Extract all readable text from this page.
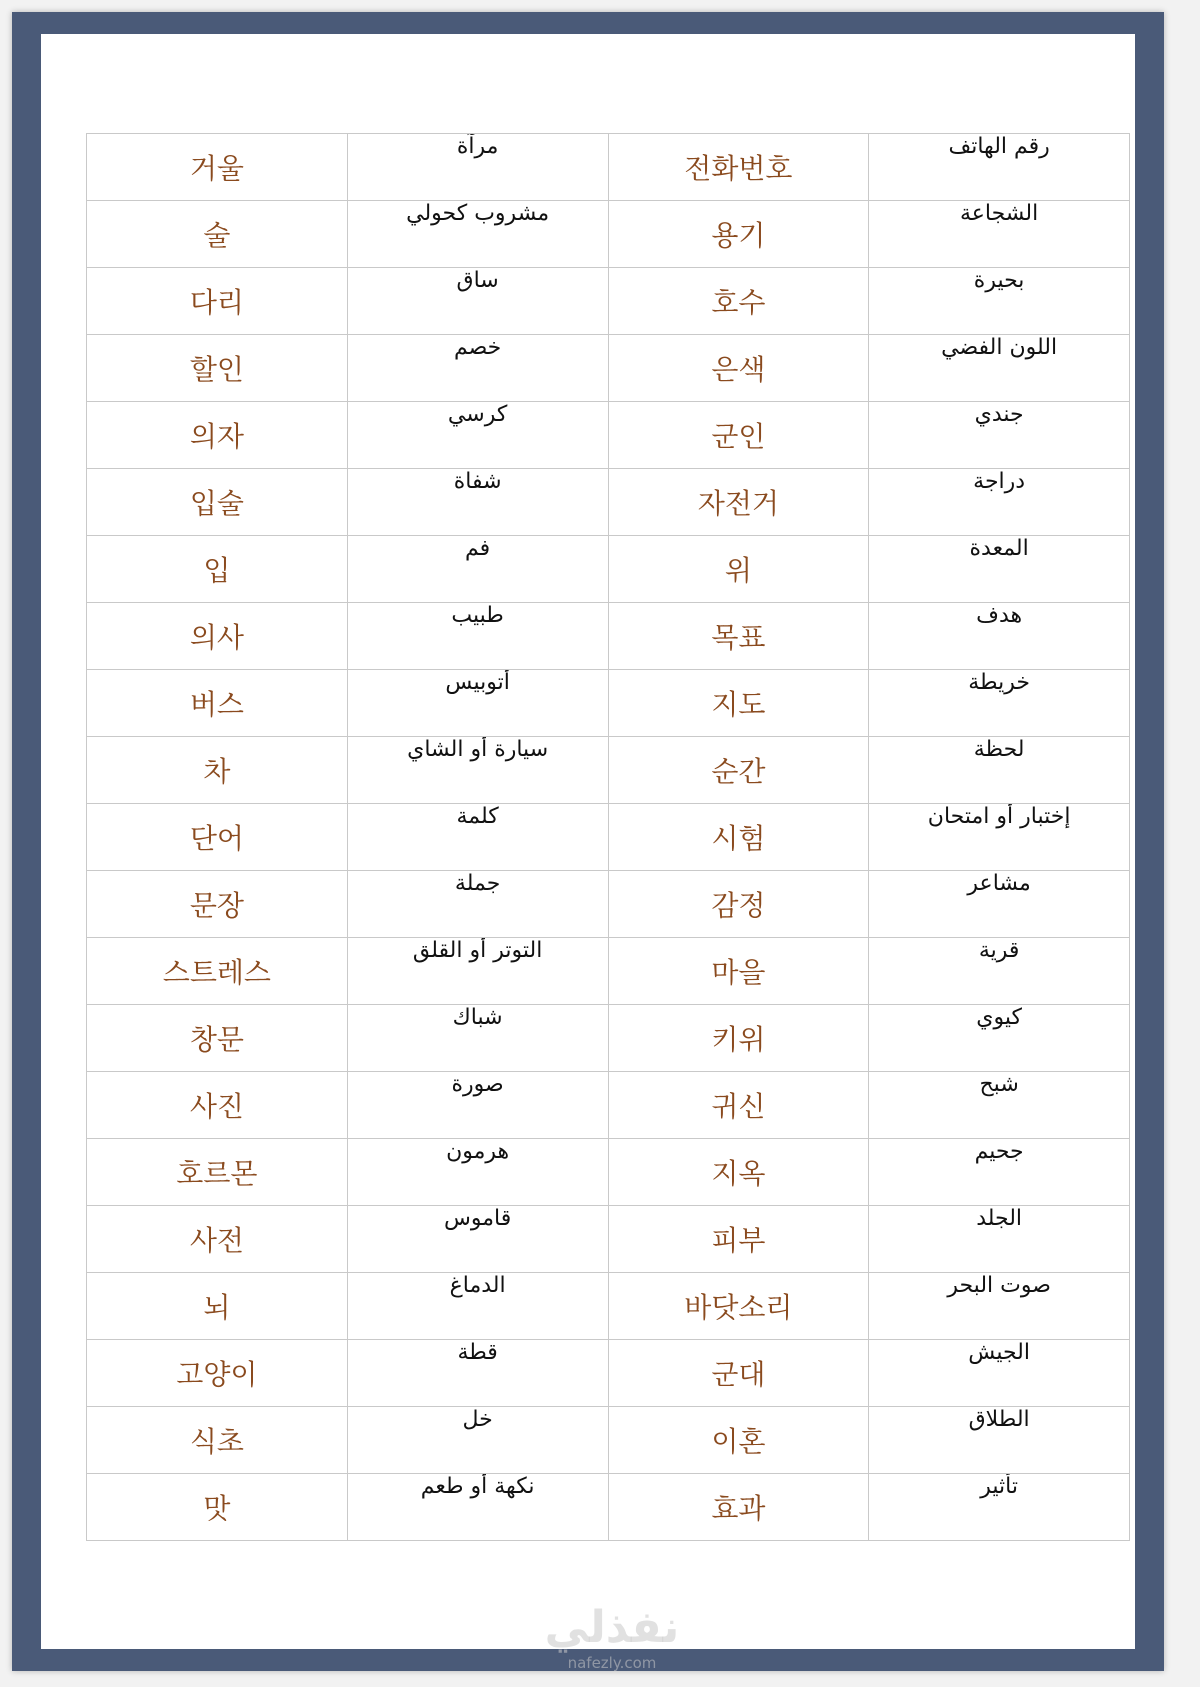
거울	مرآة	전화번호	رقم الهاتف
술	مشروب كحولي	용기	الشجاعة
다리	ساق	호수	بحيرة
할인	خصم	은색	اللون الفضي
의자	كرسي	군인	جندي
입술	شفاة	자전거	دراجة
입	فم	위	المعدة
의사	طبيب	목표	هدف
버스	أتوبيس	지도	خريطة
차	سيارة أو الشاي	순간	لحظة
단어	كلمة	시험	إختبار أو امتحان
문장	جملة	감정	مشاعر
스트레스	التوتر أو القلق	마을	قرية
창문	شباك	키위	كيوي
사진	صورة	귀신	شبح
호르몬	هرمون	지옥	جحيم
사전	قاموس	피부	الجلد
뇌	الدماغ	바닷소리	صوت البحر
고양이	قطة	군대	الجيش
식초	خل	이혼	الطلاق
맛	نكهة أو طعم	효과	تأثير
نفذلي
nafezly.com
